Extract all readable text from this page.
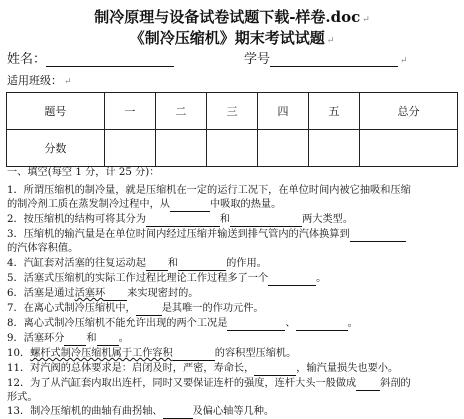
制冷原理与设备试卷试题下载-样卷.doc ↵
《制冷压缩机》期末考试试题 ↵
姓名：	学号	↵
适用班级： ↵
题号	一	二	三	四	五	总分
分数						
一、填空(每空 1 分，计 25 分)：
1．所谓压缩机的制冷量，就是压缩机在一定的运行工况下，在单位时间内被它抽吸和压缩
的制冷剂工质在蒸发制冷过程中，从	中吸取的热量。
2．按压缩机的结构可将其分为	和	两大类型。
3．压缩机的输汽量是在单位时间内经过压缩并输送到排气管内的汽体换算到
的汽体容积值。
4．汽缸套对活塞的往复运动起 和	的作用。
5．活塞式压缩机的实际工作过程比理论工作过程多了一个	。
6．活塞是通过活塞环 来实现密封的。
7．在离心式制冷压缩机中，	是其唯一的作功元件。
8．离心式制冷压缩机不能允许出现的两个工况是	、	。
9．活塞环分 和 。
10．螺杆式制冷压缩机属于工作容积	的容积型压缩机。
11．对汽阀的总体要求是：启闭及时，严密，寿命长，	，输汽量损失也要小。
12．为了从汽缸套内取出连杆，同时又要保证连杆的强度，连杆大头一般做成 斜剖的
形式。
13．制冷压缩机的曲轴有曲拐轴、	及偏心轴等几种。
